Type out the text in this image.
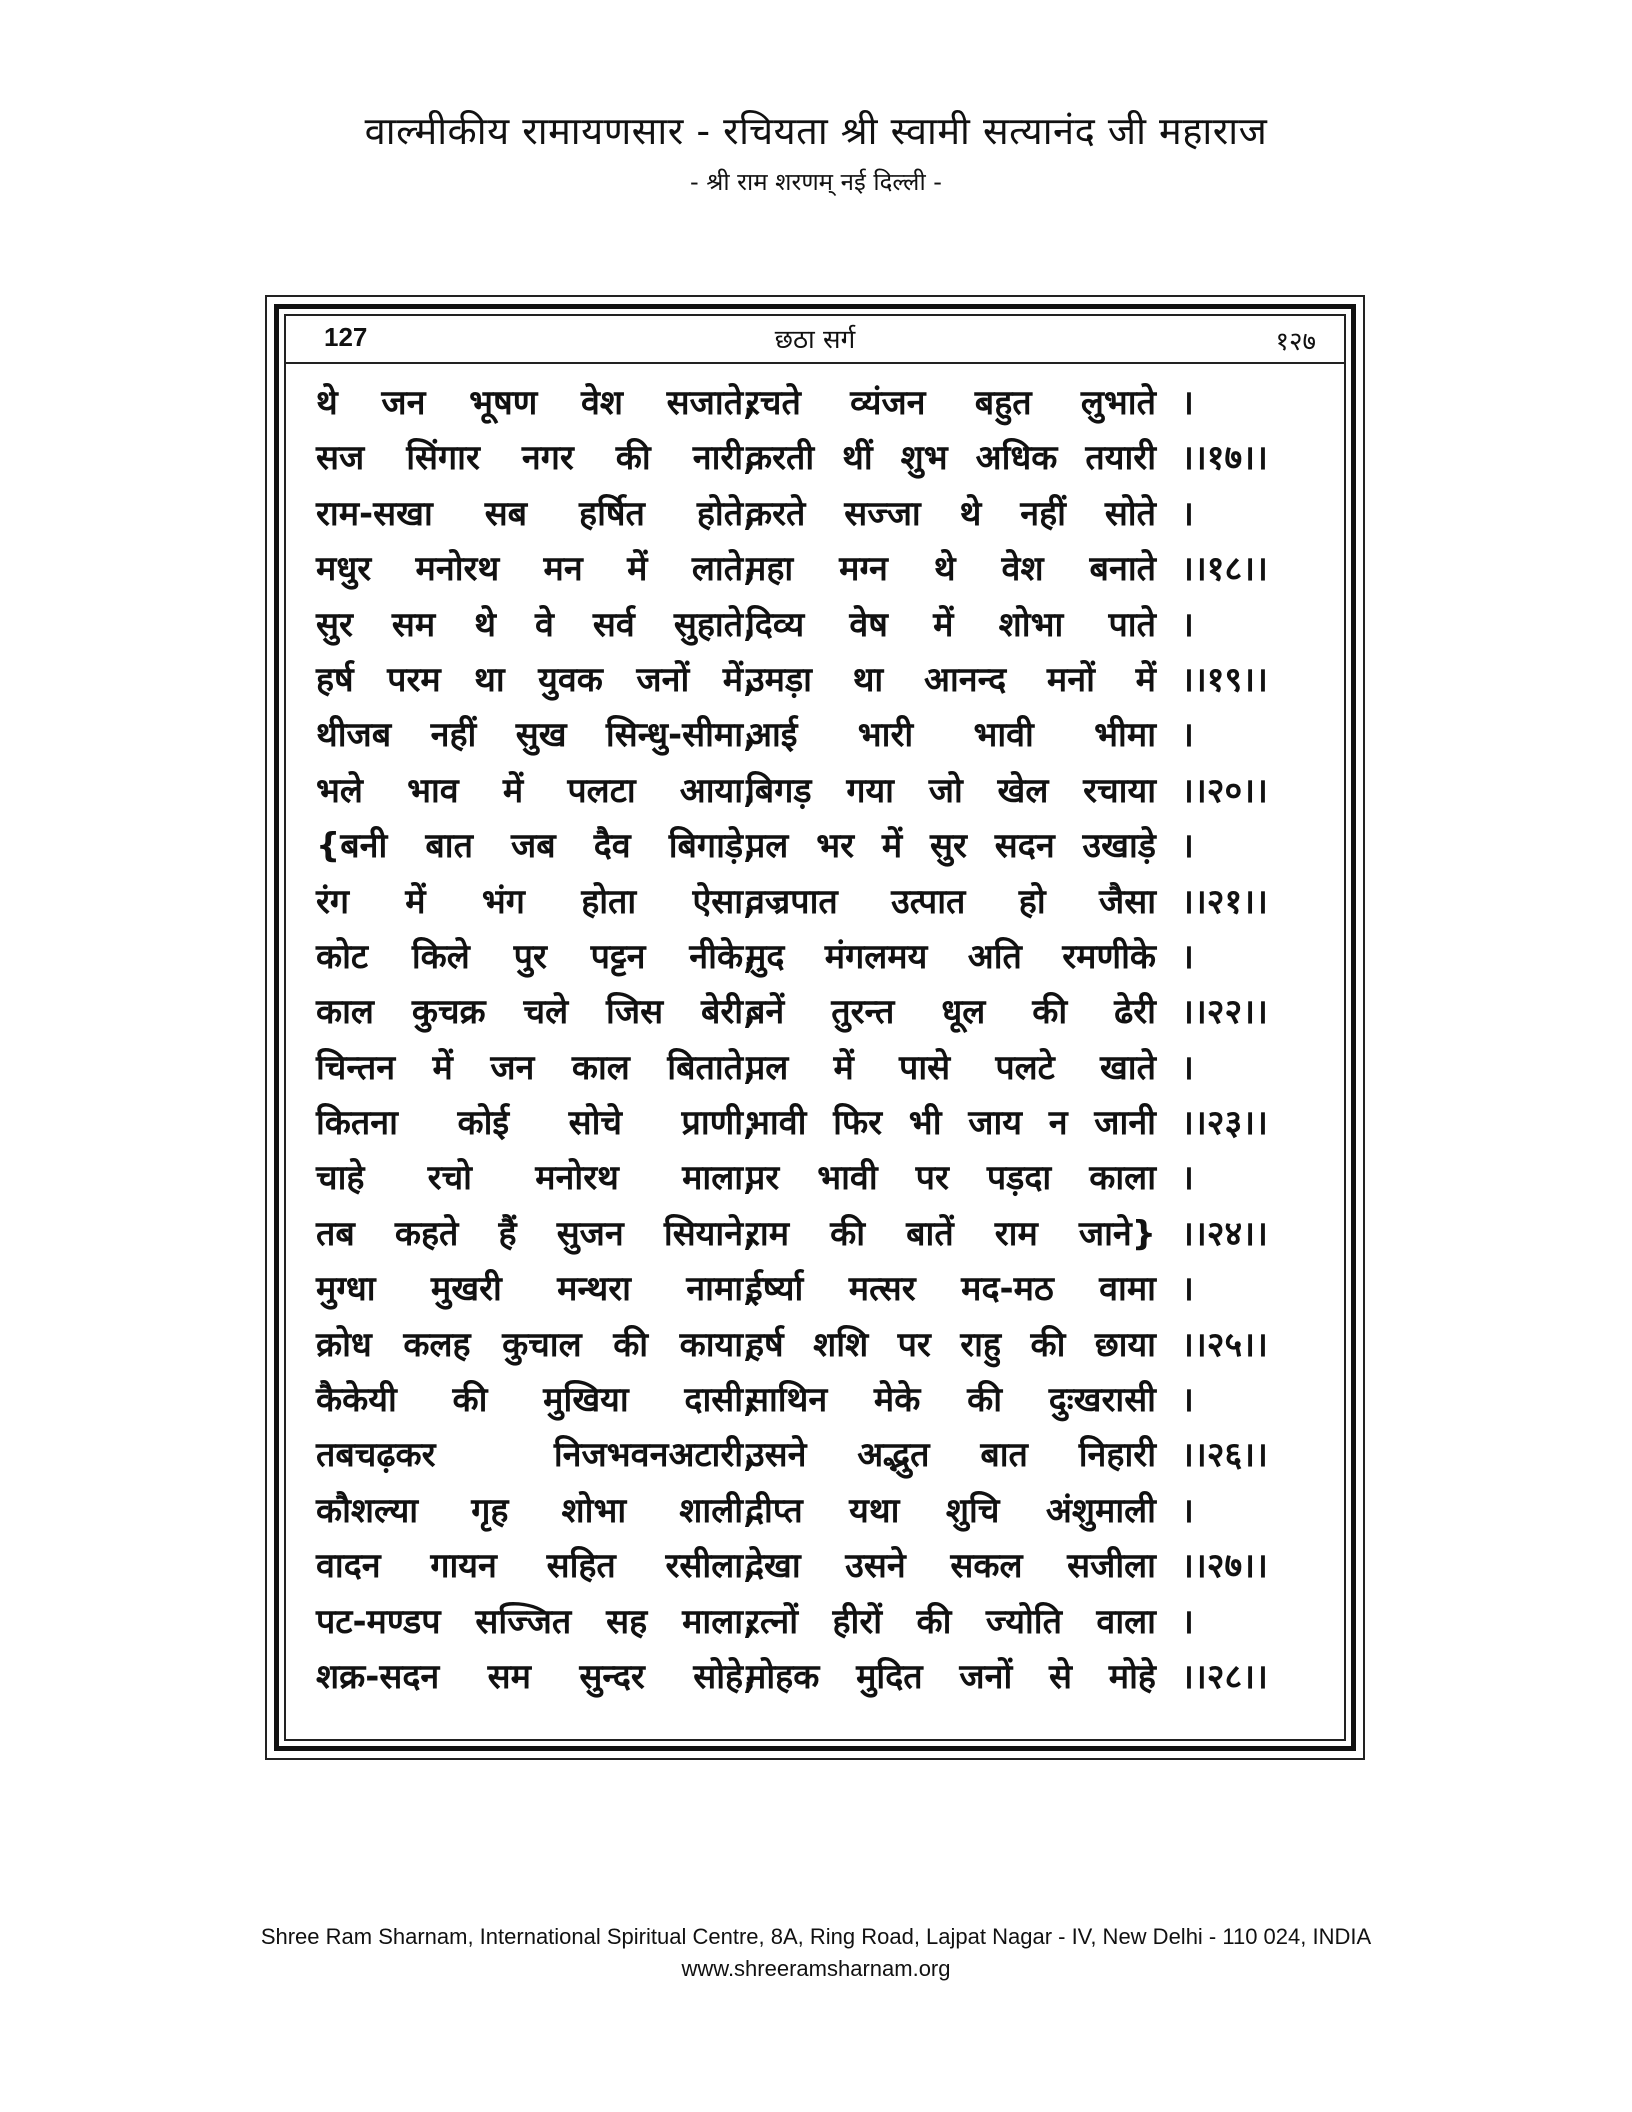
वाल्मीकीय रामायणसार - रचियता श्री स्वामी सत्यानंद जी महाराज
- श्री राम शरणम् नई दिल्ली -
127	छठा सर्ग	१२७
थे जन भूषण वेश सजाते,
रचते व्यंजन बहुत लुभाते ।
सज सिंगार नगर की नारी,
करती थीं शुभ अधिक तयारी ।।१७।।
राम-सखा सब हर्षित होते,
करते सज्जा थे नहीं सोते ।
मधुर मनोरथ मन में लाते,
महा मग्न थे वेश बनाते ।।१८।।
सुर सम थे वे सर्व सुहाते,
दिव्य वेष में शोभा पाते ।
हर्ष परम था युवक जनों में,
उमड़ा था आनन्द मनों में ।।१९।।
थीजब नहीं सुख सिन्धु-सीमा,
आई भारी भावी भीमा ।
भले भाव में पलटा आया,
बिगड़ गया जो खेल रचाया ।।२०।।
{बनी बात जब दैव बिगाड़े,
पल भर में सुर सदन उखाड़े ।
रंग में भंग होता ऐसा,
वज्रपात उत्पात हो जैसा ।।२१।।
कोट किले पुर पट्टन नीके,
मुद मंगलमय अति रमणीके ।
काल कुचक्र चले जिस बेरी,
बनें तुरन्त धूल की ढेरी ।।२२।।
चिन्तन में जन काल बिताते,
पल में पासे पलटे खाते ।
कितना कोई सोचे प्राणी,
भावी फिर भी जाय न जानी ।।२३।।
चाहे रचो मनोरथ माला,
पर भावी पर पड़दा काला ।
तब कहते हैं सुजन सियाने,
राम की बातें राम जाने} ।।२४।।
मुग्धा मुखरी मन्थरा नामा,
ईर्ष्या मत्सर मद-मठ वामा ।
क्रोध कलह कुचाल की काया,
हर्ष शशि पर राहु की छाया ।।२५।।
कैकेयी की मुखिया दासी,
साथिन मेके की दुःखरासी ।
तबचढ़कर निजभवनअटारी,
उसने अद्भुत बात निहारी ।।२६।।
कौशल्या गृह शोभा शाली,
दीप्त यथा शुचि अंशुमाली ।
वादन गायन सहित रसीला,
देखा उसने सकल सजीला ।।२७।।
पट-मण्डप सज्जित सह माला,
रत्नों हीरों की ज्योति वाला ।
शक्र-सदन सम सुन्दर सोहे,
मोहक मुदित जनों से मोहे ।।२८।।
Shree Ram Sharnam, International Spiritual Centre, 8A, Ring Road, Lajpat Nagar - IV, New Delhi - 110 024, INDIA
www.shreeramsharnam.org
